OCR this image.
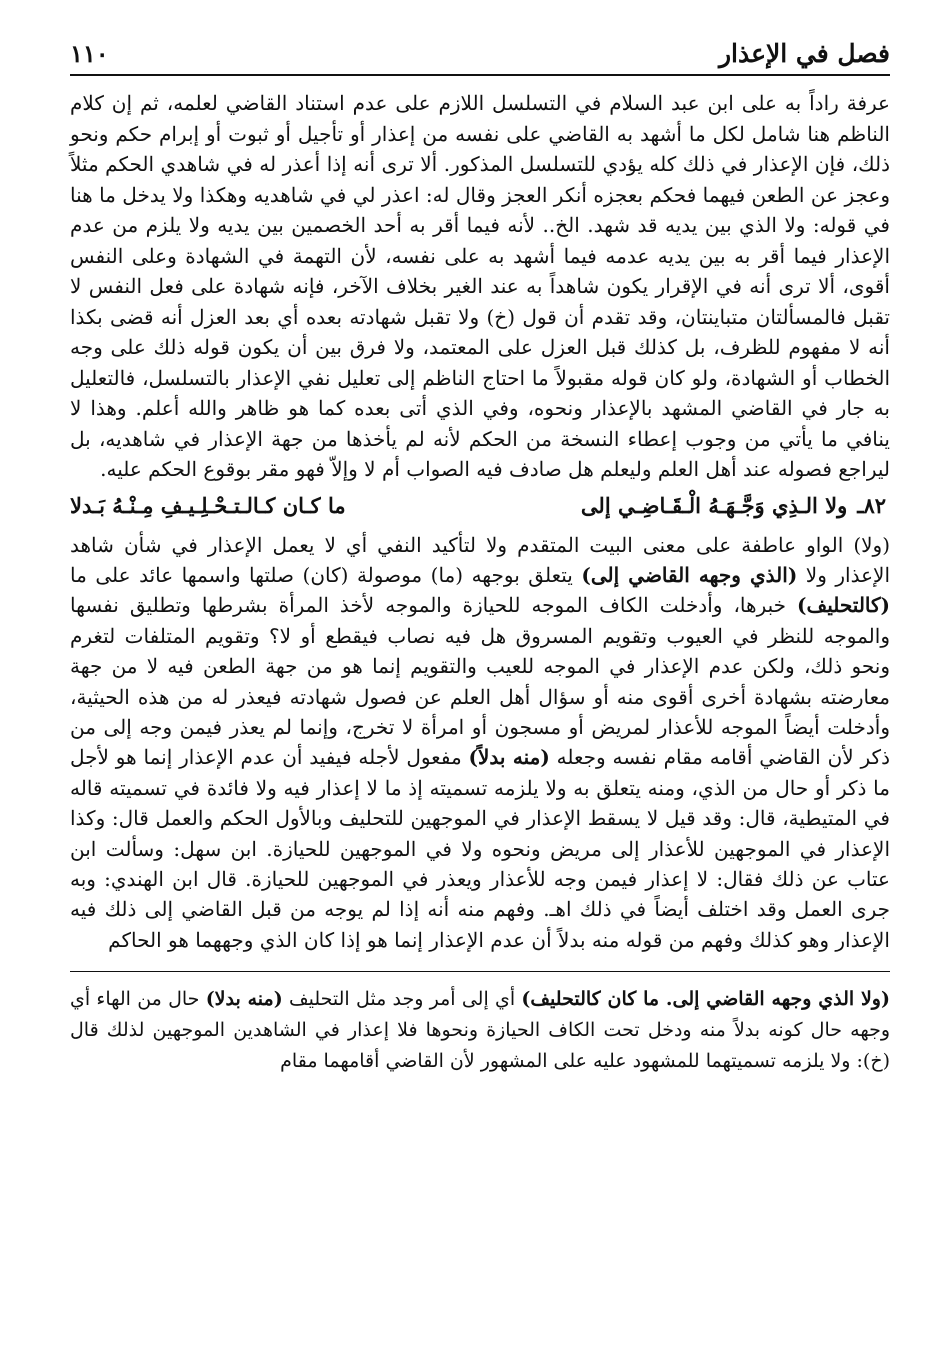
فصل في الإعذار
١١٠
عرفة راداً به على ابن عبد السلام في التسلسل اللازم على عدم استناد القاضي لعلمه، ثم إن كلام الناظم هنا شامل لكل ما أشهد به القاضي على نفسه من إعذار أو تأجيل أو ثبوت أو إبرام حكم ونحو ذلك، فإن الإعذار في ذلك كله يؤدي للتسلسل المذكور. ألا ترى أنه إذا أعذر له في شاهدي الحكم مثلاً وعجز عن الطعن فيهما فحكم بعجزه أنكر العجز وقال له: اعذر لي في شاهديه وهكذا ولا يدخل ما هنا في قوله: ولا الذي بين يديه قد شهد. الخ.. لأنه فيما أقر به أحد الخصمين بين يديه ولا يلزم من عدم الإعذار فيما أقر به بين يديه عدمه فيما أشهد به على نفسه، لأن التهمة في الشهادة وعلى النفس أقوى، ألا ترى أنه في الإقرار يكون شاهداً به عند الغير بخلاف الآخر، فإنه شهادة على فعل النفس لا تقبل فالمسألتان متباينتان، وقد تقدم أن قول (خ) ولا تقبل شهادته بعده أي بعد العزل أنه قضى بكذا أنه لا مفهوم للظرف، بل كذلك قبل العزل على المعتمد، ولا فرق بين أن يكون قوله ذلك على وجه الخطاب أو الشهادة، ولو كان قوله مقبولاً ما احتاج الناظم إلى تعليل نفي الإعذار بالتسلسل، فالتعليل به جار في القاضي المشهد بالإعذار ونحوه، وفي الذي أتى بعده كما هو ظاهر والله أعلم. وهذا لا ينافي ما يأتي من وجوب إعطاء النسخة من الحكم لأنه لم يأخذها من جهة الإعذار في شاهديه، بل ليراجع فصوله عند أهل العلم وليعلم هل صادف فيه الصواب أم لا وإلاّ فهو مقر بوقوع الحكم عليه.
٨٢ـ
ولا الـذِي وَجَّـهَـهُ الْـقَـاضِـي إلى
ما كـان كـالـتـحْـلِـيـفِ مِـنْـهُ بَـدلا
(ولا) الواو عاطفة على معنى البيت المتقدم ولا لتأكيد النفي أي لا يعمل الإعذار في شأن شاهد الإعذار ولا (الذي وجهه القاضي إلى) يتعلق بوجهه (ما) موصولة (كان) صلتها واسمها عائد على ما (كالتحليف) خبرها، وأدخلت الكاف الموجه للحيازة والموجه لأخذ المرأة بشرطها وتطليق نفسها والموجه للنظر في العيوب وتقويم المسروق هل فيه نصاب فيقطع أو لا؟ وتقويم المتلفات لتغرم ونحو ذلك، ولكن عدم الإعذار في الموجه للعيب والتقويم إنما هو من جهة الطعن فيه لا من جهة معارضته بشهادة أخرى أقوى منه أو سؤال أهل العلم عن فصول شهادته فيعذر له من هذه الحيثية، وأدخلت أيضاً الموجه للأعذار لمريض أو مسجون أو امرأة لا تخرج، وإنما لم يعذر فيمن وجه إلى من ذكر لأن القاضي أقامه مقام نفسه وجعله (منه بدلاً) مفعول لأجله فيفيد أن عدم الإعذار إنما هو لأجل ما ذكر أو حال من الذي، ومنه يتعلق به ولا يلزمه تسميته إذ ما لا إعذار فيه ولا فائدة في تسميته قاله في المتيطية، قال: وقد قيل لا يسقط الإعذار في الموجهين للتحليف وبالأول الحكم والعمل قال: وكذا الإعذار في الموجهين للأعذار إلى مريض ونحوه ولا في الموجهين للحيازة. ابن سهل: وسألت ابن عتاب عن ذلك فقال: لا إعذار فيمن وجه للأعذار ويعذر في الموجهين للحيازة. قال ابن الهندي: وبه جرى العمل وقد اختلف أيضاً في ذلك اهـ. وفهم منه أنه إذا لم يوجه من قبل القاضي إلى ذلك فيه الإعذار وهو كذلك وفهم من قوله منه بدلاً أن عدم الإعذار إنما هو إذا كان الذي وجههما هو الحاكم
(ولا الذي وجهه القاضي إلى. ما كان كالتحليف) أي إلى أمر وجد مثل التحليف (منه بدلا) حال من الهاء أي وجهه حال كونه بدلاً منه ودخل تحت الكاف الحيازة ونحوها فلا إعذار في الشاهدين الموجهين لذلك قال (خ): ولا يلزمه تسميتهما للمشهود عليه على المشهور لأن القاضي أقامهما مقام
